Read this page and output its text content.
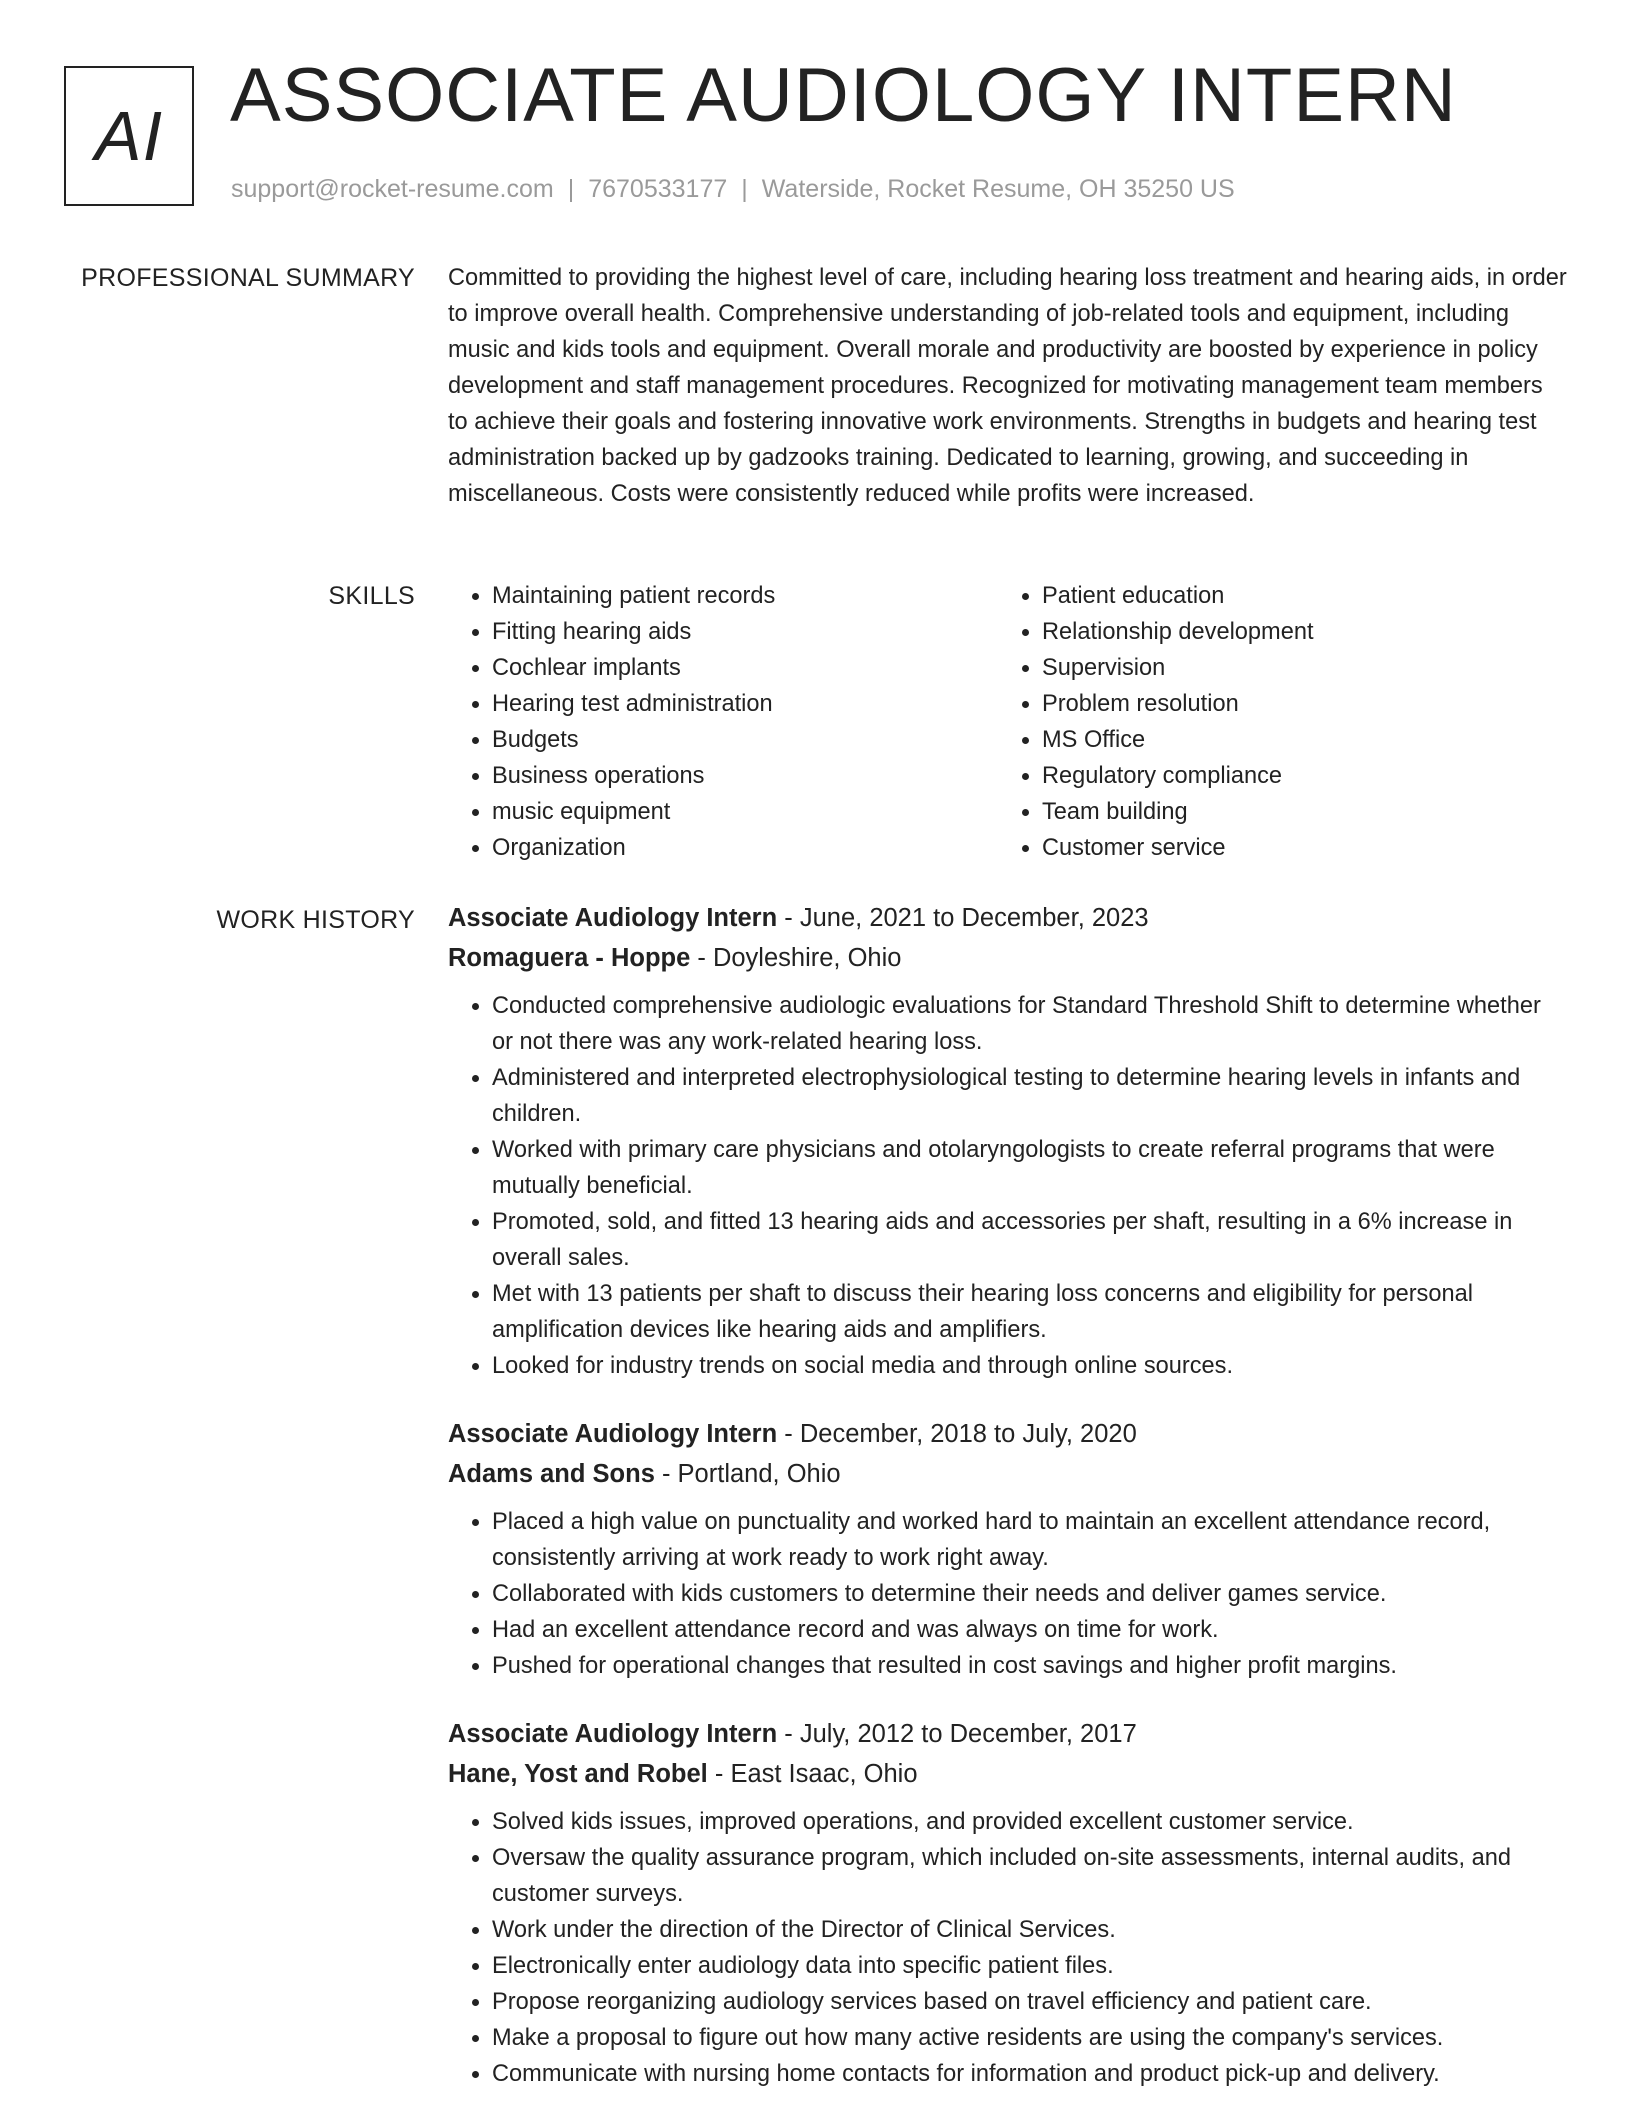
AI ASSOCIATE AUDIOLOGY INTERN
support@rocket-resume.com | 7670533177 | Waterside, Rocket Resume, OH 35250 US
PROFESSIONAL SUMMARY Committed to providing the highest level of care, including hearing loss treatment and hearing aids, in order to improve overall health. Comprehensive understanding of job-related tools and equipment, including music and kids tools and equipment. Overall morale and productivity are boosted by experience in policy development and staff management procedures. Recognized for motivating management team members to achieve their goals and fostering innovative work environments. Strengths in budgets and hearing test administration backed up by gadzooks training. Dedicated to learning, growing, and succeeding in miscellaneous. Costs were consistently reduced while profits were increased.

SKILLS
•	Maintaining patient records
• Fitting hearing aids
• Cochlear implants
• Hearing test administration
• Budgets
• Business operations
• music equipment
• Organization
• Patient education
• Relationship development
• Supervision
• Problem resolution
• MS Office
• Regulatory compliance
• Team building
• Customer service
WORK HISTORY Associate Audiology Intern - June, 2021 to December, 2023
Romaguera - Hoppe - Doyleshire, Ohio
• Conducted comprehensive audiologic evaluations for Standard Threshold Shift to determine whether or not there was any work-related hearing loss.
• Administered and interpreted electrophysiological testing to determine hearing levels in infants and children.
• Worked with primary care physicians and otolaryngologists to create referral programs that were mutually beneficial.
• Promoted, sold, and fitted 13 hearing aids and accessories per shaft, resulting in a 6% increase in overall sales.
• Met with 13 patients per shaft to discuss their hearing loss concerns and eligibility for personal amplification devices like hearing aids and amplifiers.
• Looked for industry trends on social media and through online sources.
Associate Audiology Intern - December, 2018 to July, 2020
Adams and Sons - Portland, Ohio
• Placed a high value on punctuality and worked hard to maintain an excellent attendance record, consistently arriving at work ready to work right away.
• Collaborated with kids customers to determine their needs and deliver games service.
• Had an excellent attendance record and was always on time for work.
• Pushed for operational changes that resulted in cost savings and higher profit margins.
Associate Audiology Intern - July, 2012 to December, 2017
Hane, Yost and Robel - East Isaac, Ohio
• Solved kids issues, improved operations, and provided excellent customer service.
• Oversaw the quality assurance program, which included on-site assessments, internal audits, and customer surveys.
• Work under the direction of the Director of Clinical Services.
• Electronically enter audiology data into specific patient files.
• Propose reorganizing audiology services based on travel efficiency and patient care.
• Make a proposal to figure out how many active residents are using the company's services.
• Communicate with nursing home contacts for information and product pick-up and delivery.
